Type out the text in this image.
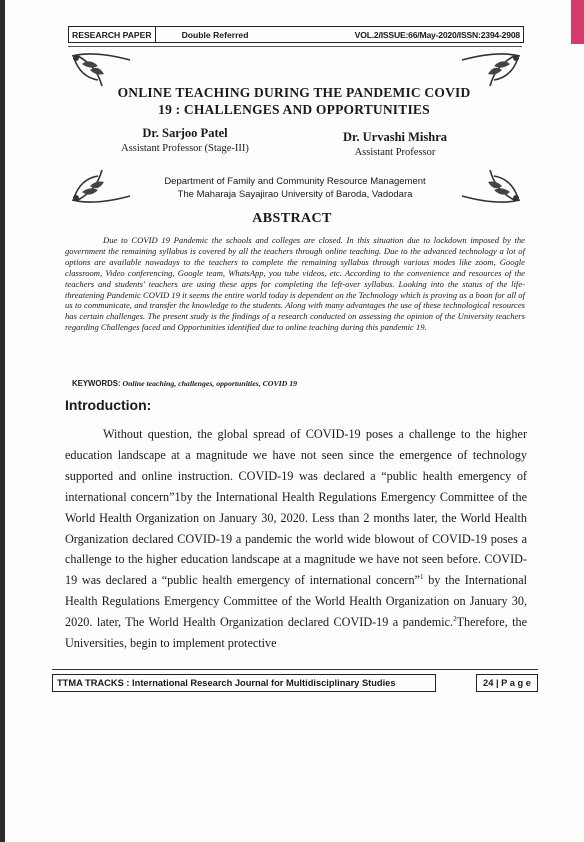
RESEARCH PAPER	Double Referred	VOL.2/ISSUE:66/May-2020/ISSN:2394-2908
ONLINE TEACHING DURING THE PANDEMIC COVID
19 : CHALLENGES AND OPPORTUNITIES
Dr. Sarjoo Patel
Assistant Professor (Stage-III)
Dr. Urvashi Mishra
Assistant Professor
Department of Family and Community Resource Management
The Maharaja Sayajirao University of Baroda, Vadodara
ABSTRACT
Due to COVID 19 Pandemic the schools and colleges are closed. In this situation due to lockdown imposed by the government the remaining syllabus is covered by all the teachers through online teaching. Due to the advanced technology a lot of options are available nowadays to the teachers to complete the remaining syllabus through various modes like zoom, Google classroom, Video conferencing, Google team, WhatsApp, you tube videos, etc. According to the convenience and resources of the teachers and students' teachers are using these apps for completing the left-over syllabus. Looking into the status of the life-threatening Pandemic COVID 19 it seems the entire world today is dependent on the Technology which is proving as a boon for all of us to communicate, and transfer the knowledge to the students. Along with many advantages the use of these technological resources has certain challenges. The present study is the findings of a research conducted on assessing the opinion of the University teachers regarding Challenges faced and Opportunities identified due to online teaching during this pandemic 19.
KEYWORDS: Online teaching, challenges, opportunities, COVID 19
Introduction:
Without question, the global spread of COVID-19 poses a challenge to the higher education landscape at a magnitude we have not seen since the emergence of technology supported and online instruction. COVID-19 was declared a “public health emergency of international concern”1by the International Health Regulations Emergency Committee of the World Health Organization on January 30, 2020. Less than 2 months later, the World Health Organization declared COVID-19 a pandemic the world wide blowout of COVID-19 poses a challenge to the higher education landscape at a magnitude we have not seen before. COVID-19 was declared a “public health emergency of international concern”$^1$ by the International Health Regulations Emergency Committee of the World Health Organization on January 30, 2020. later, The World Health Organization declared COVID-19 a pandemic.$^2$Therefore, the Universities, begin to implement protective
TTMA TRACKS : International Research Journal for Multidisciplinary Studies	24 | P a g e
